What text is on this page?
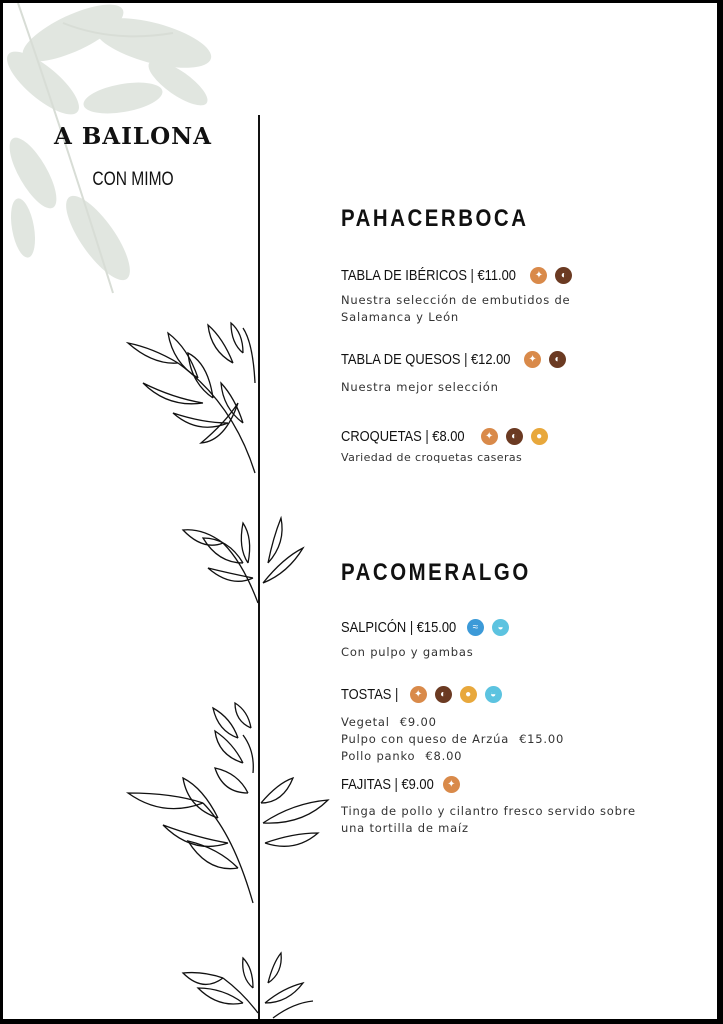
A BAILONA
CON MIMO
PAHACERBOCA
TABLA DE IBÉRICOS | €11.00	✦	◐
Nuestra selección de embutidos de
Salamanca y León
TABLA DE QUESOS | €12.00	✦	◐
Nuestra mejor selección
CROQUETAS | €8.00	✦	◐	●
Variedad de croquetas caseras
PACOMERALGO
SALPICÓN | €15.00	≈	◒
Con pulpo y gambas
TOSTAS |	✦	◐	●	◒
Vegetal €9.00
Pulpo con queso de Arzúa €15.00
Pollo panko €8.00
FAJITAS | €9.00	✦
Tinga de pollo y cilantro fresco servido sobre
una tortilla de maíz
